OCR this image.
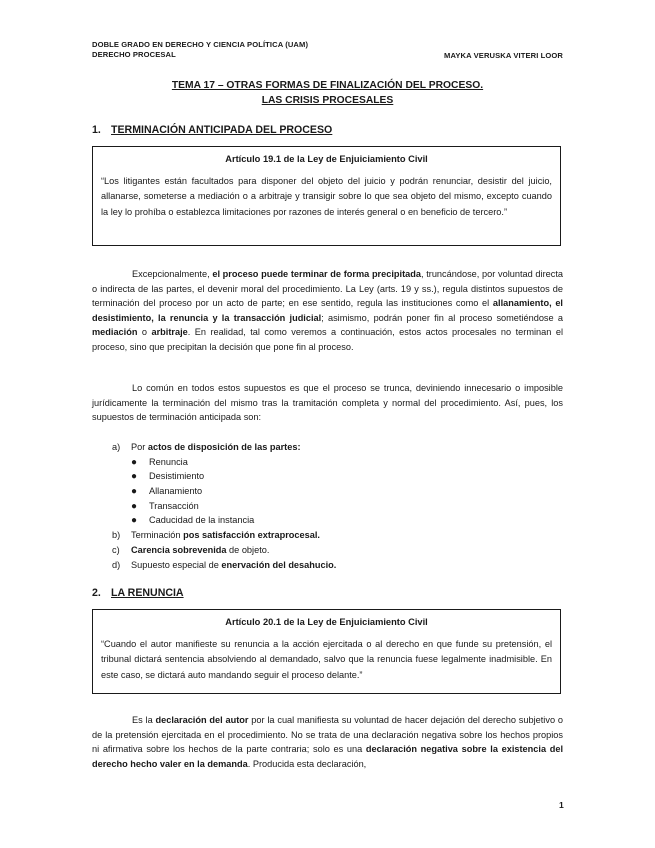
DOBLE GRADO EN DERECHO Y CIENCIA POLÍTICA (UAM)
DERECHO PROCESAL	MAYKA VERUSKA VITERI LOOR
TEMA 17 – OTRAS FORMAS DE FINALIZACIÓN DEL PROCESO.
LAS CRISIS PROCESALES
1. TERMINACIÓN ANTICIPADA DEL PROCESO
Artículo 19.1 de la Ley de Enjuiciamiento Civil
“Los litigantes están facultados para disponer del objeto del juicio y podrán renunciar, desistir del juicio, allanarse, someterse a mediación o a arbitraje y transigir sobre lo que sea objeto del mismo, excepto cuando la ley lo prohíba o establezca limitaciones por razones de interés general o en beneficio de tercero.”
Excepcionalmente, el proceso puede terminar de forma precipitada, truncándose, por voluntad directa o indirecta de las partes, el devenir moral del procedimiento. La Ley (arts. 19 y ss.), regula distintos supuestos de terminación del proceso por un acto de parte; en ese sentido, regula las instituciones como el allanamiento, el desistimiento, la renuncia y la transacción judicial; asimismo, podrán poner fin al proceso sometiéndose a mediación o arbitraje. En realidad, tal como veremos a continuación, estos actos procesales no terminan el proceso, sino que precipitan la decisión que pone fin al proceso.
Lo común en todos estos supuestos es que el proceso se trunca, deviniendo innecesario o imposible jurídicamente la terminación del mismo tras la tramitación completa y normal del procedimiento. Así, pues, los supuestos de terminación anticipada son:
a) Por actos de disposición de las partes:
● Renuncia
● Desistimiento
● Allanamiento
● Transacción
● Caducidad de la instancia
b) Terminación pos satisfacción extraprocesal.
c) Carencia sobrevenida de objeto.
d) Supuesto especial de enervación del desahucio.
2. LA RENUNCIA
Artículo 20.1 de la Ley de Enjuiciamiento Civil
“Cuando el autor manifieste su renuncia a la acción ejercitada o al derecho en que funde su pretensión, el tribunal dictará sentencia absolviendo al demandado, salvo que la renuncia fuese legalmente inadmisible. En este caso, se dictará auto mandando seguir el proceso delante.”
Es la declaración del autor por la cual manifiesta su voluntad de hacer dejación del derecho subjetivo o de la pretensión ejercitada en el procedimiento. No se trata de una declaración negativa sobre los hechos propios ni afirmativa sobre los hechos de la parte contraria; solo es una declaración negativa sobre la existencia del derecho hecho valer en la demanda. Producida esta declaración,
1
